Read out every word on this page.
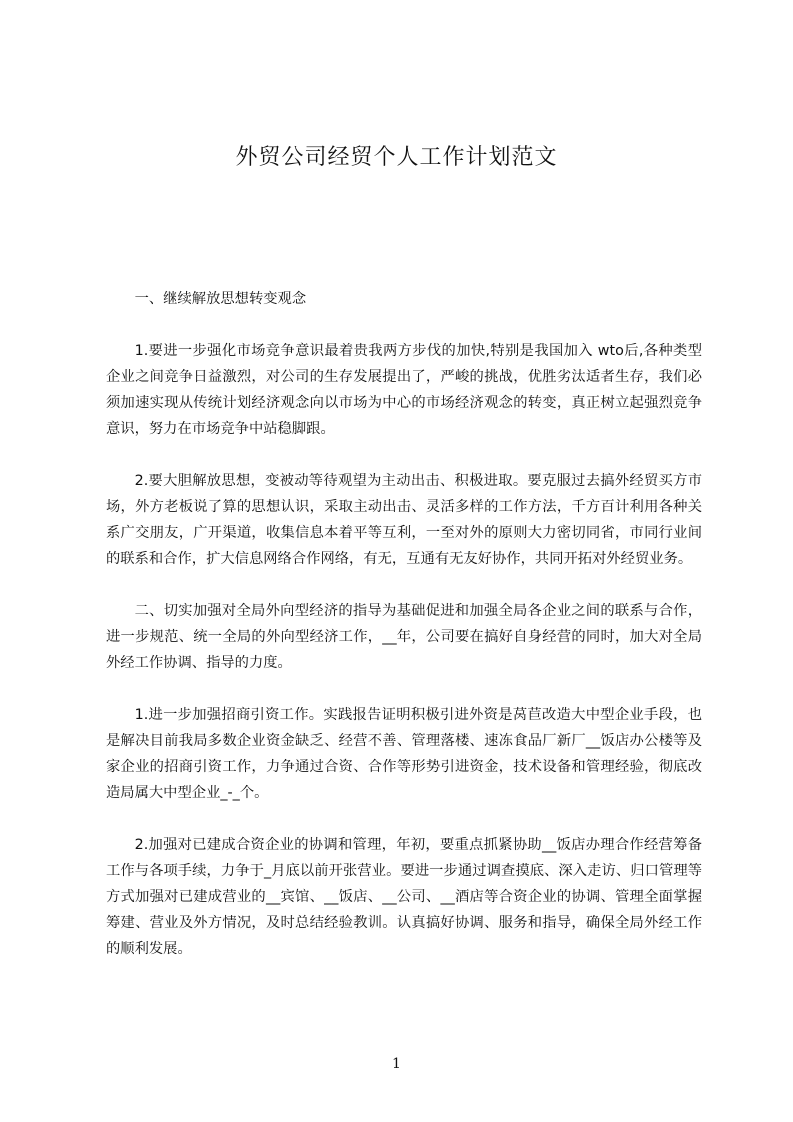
外贸公司经贸个人工作计划范文

一、继续解放思想转变观念

1.要进一步强化市场竞争意识最着贵我两方步伐的加快,特别是我国加入 wto后,各种类型企业之间竞争日益激烈，对公司的生存发展提出了，严峻的挑战，优胜劣汰适者生存，我们必须加速实现从传统计划经济观念向以市场为中心的市场经济观念的转变，真正树立起强烈竞争意识，努力在市场竞争中站稳脚跟。

2.要大胆解放思想，变被动等待观望为主动出击、积极进取。要克服过去搞外经贸买方市场，外方老板说了算的思想认识，采取主动出击、灵活多样的工作方法，千方百计利用各种关系广交朋友，广开渠道，收集信息本着平等互利，一至对外的原则大力密切同省，市同行业间的联系和合作，扩大信息网络合作网络，有无，互通有无友好协作，共同开拓对外经贸业务。

二、切实加强对全局外向型经济的指导为基础促进和加强全局各企业之间的联系与合作，进一步规范、统一全局的外向型经济工作，__年，公司要在搞好自身经营的同时，加大对全局外经工作协调、指导的力度。

1.进一步加强招商引资工作。实践报告证明积极引进外资是莴苣改造大中型企业手段，也是解决目前我局多数企业资金缺乏、经营不善、管理落楼、速冻食品厂新厂__饭店办公楼等及家企业的招商引资工作，力争通过合资、合作等形势引进资金，技术设备和管理经验，彻底改造局属大中型企业_-_个。

2.加强对已建成合资企业的协调和管理，年初，要重点抓紧协助__饭店办理合作经营筹备工作与各项手续，力争于_月底以前开张营业。要进一步通过调查摸底、深入走访、归口管理等方式加强对已建成营业的__宾馆、__饭店、__公司、__酒店等合资企业的协调、管理全面掌握筹建、营业及外方情况，及时总结经验教训。认真搞好协调、服务和指导，确保全局外经工作的顺利发展。

1
